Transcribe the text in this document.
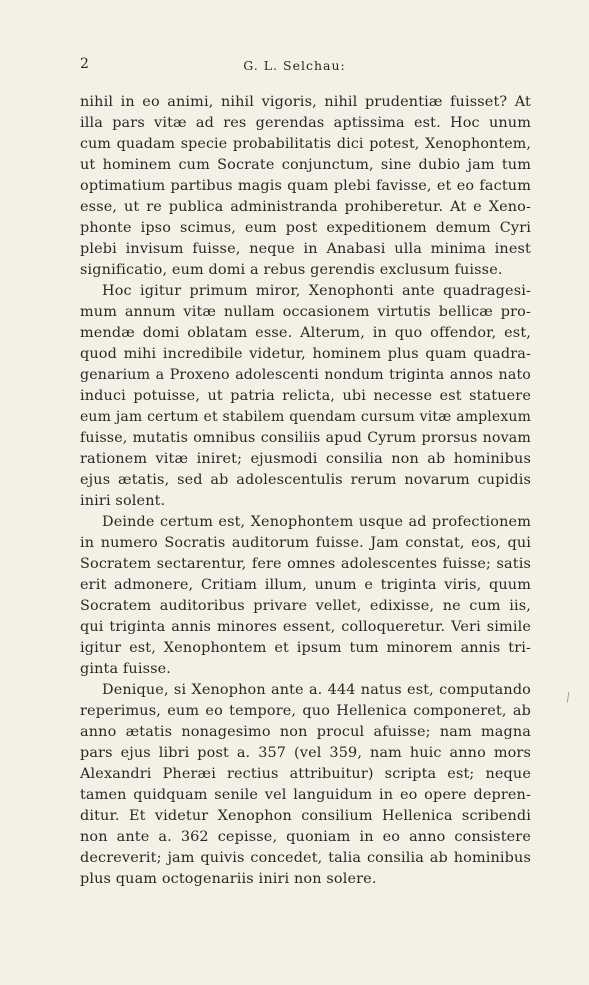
2	G. L. Selchau:
nihil in eo animi, nihil vigoris, nihil prudentiæ fuisset? At
illa pars vitæ ad res gerendas aptissima est. Hoc unum
cum quadam specie probabilitatis dici potest, Xenophontem,
ut hominem cum Socrate conjunctum, sine dubio jam tum
optimatium partibus magis quam plebi favisse, et eo factum
esse, ut re publica administranda prohiberetur. At e Xeno-
phonte ipso scimus, eum post expeditionem demum Cyri
plebi invisum fuisse, neque in Anabasi ulla minima inest
significatio, eum domi a rebus gerendis exclusum fuisse.
Hoc igitur primum miror, Xenophonti ante quadragesi-
mum annum vitæ nullam occasionem virtutis bellicæ pro-
mendæ domi oblatam esse. Alterum, in quo offendor, est,
quod mihi incredibile videtur, hominem plus quam quadra-
genarium a Proxeno adolescenti nondum triginta annos nato
induci potuisse, ut patria relicta, ubi necesse est statuere
eum jam certum et stabilem quendam cursum vitæ amplexum
fuisse, mutatis omnibus consiliis apud Cyrum prorsus novam
rationem vitæ iniret; ejusmodi consilia non ab hominibus
ejus ætatis, sed ab adolescentulis rerum novarum cupidis
iniri solent.
Deinde certum est, Xenophontem usque ad profectionem
in numero Socratis auditorum fuisse. Jam constat, eos, qui
Socratem sectarentur, fere omnes adolescentes fuisse; satis
erit admonere, Critiam illum, unum e triginta viris, quum
Socratem auditoribus privare vellet, edixisse, ne cum iis,
qui triginta annis minores essent, colloqueretur. Veri simile
igitur est, Xenophontem et ipsum tum minorem annis tri-
ginta fuisse.
Denique, si Xenophon ante a. 444 natus est, computando
reperimus, eum eo tempore, quo Hellenica componeret, ab
anno ætatis nonagesimo non procul afuisse; nam magna
pars ejus libri post a. 357 (vel 359, nam huic anno mors
Alexandri Pheræi rectius attribuitur) scripta est; neque
tamen quidquam senile vel languidum in eo opere depren-
ditur. Et videtur Xenophon consilium Hellenica scribendi
non ante a. 362 cepisse, quoniam in eo anno consistere
decreverit; jam quivis concedet, talia consilia ab hominibus
plus quam octogenariis iniri non solere.
/
